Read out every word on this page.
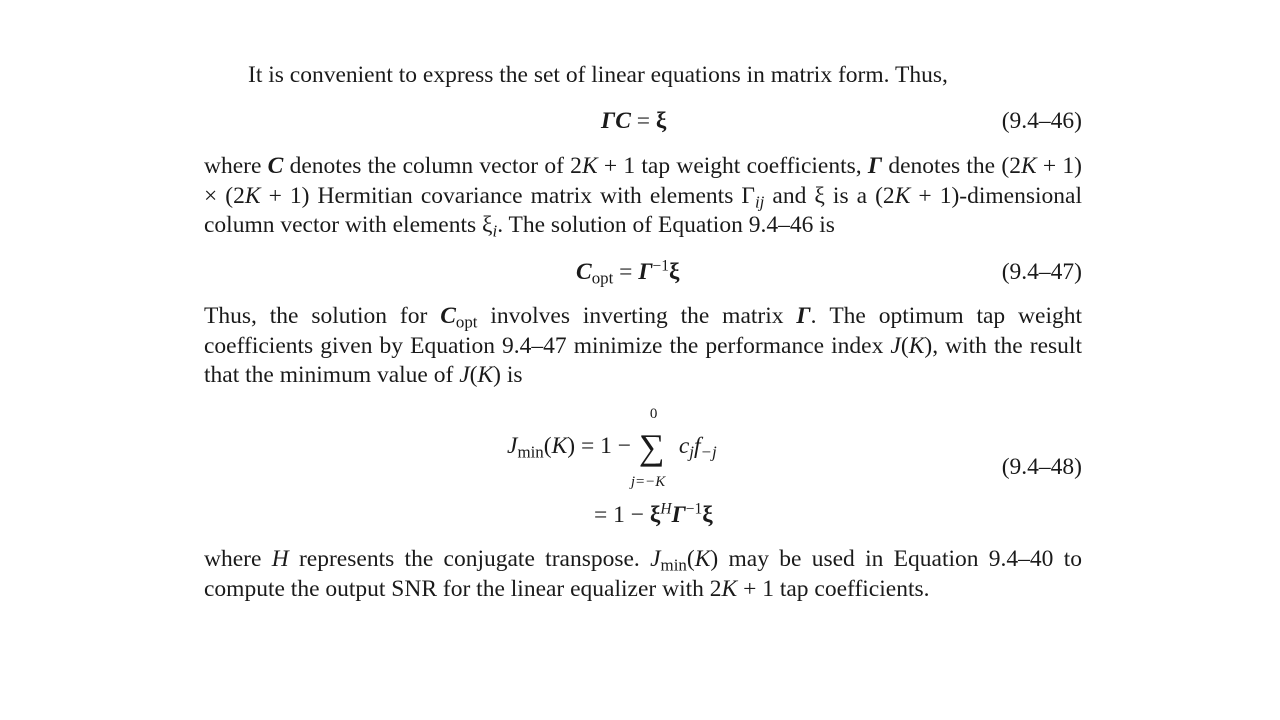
It is convenient to express the set of linear equations in matrix form. Thus,
ΓC = ξ	(9.4–46)
where C denotes the column vector of 2K + 1 tap weight coefficients, Γ denotes the (2K + 1) × (2K + 1) Hermitian covariance matrix with elements $\Gamma_{ij}$ and ξ is a (2K + 1)-dimensional column vector with elements $\xi_i$. The solution of Equation 9.4–46 is
$C_{opt} = \Gamma^{-1}\xi$	(9.4–47)
Thus, the solution for $C_{opt}$ involves inverting the matrix Γ. The optimum tap weight coefficients given by Equation 9.4–47 minimize the performance index J(K), with the result that the minimum value of J(K) is
$J_{min}(K) = 1$ − ∑
0
j=−K
$c_jf_{-j}$
= $1 - \xi^H\Gamma^{-1}\xi$
(9.4–48)
where H represents the conjugate transpose. $J_{min}(K)$ may be used in Equation 9.4–40 to compute the output SNR for the linear equalizer with 2K + 1 tap coefficients.
